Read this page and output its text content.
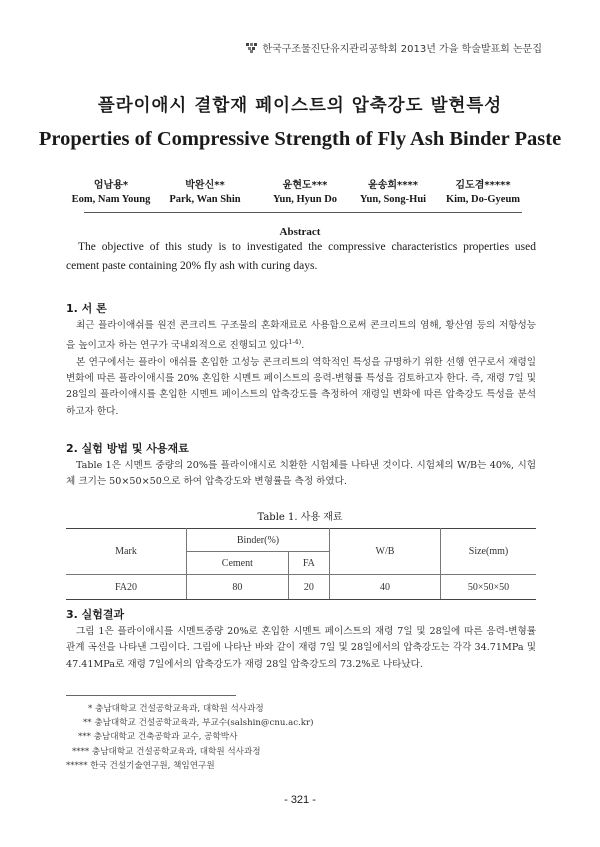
한국구조물진단유지관리공학회 2013년 가을 학술발표회 논문집
플라이애시 결합재 페이스트의 압축강도 발현특성
Properties of Compressive Strength of Fly Ash Binder Paste
엄남용*
Eom, Nam Young
박완신**
Park, Wan Shin
윤현도***
Yun, Hyun Do
윤송희****
Yun, Song-Hui
김도겸*****
Kim, Do-Gyeum
Abstract
The objective of this study is to investigated the compressive characteristics properties used cement paste containing 20% fly ash with curing days.
1. 서 론

최근 플라이애쉬를 원전 콘크리트 구조물의 혼화재료로 사용함으로써 콘크리트의 염해, 황산염 등의 저항성능을 높이고자 하는 연구가 국내외적으로 진행되고 있다$^{1-4)}$.

본 연구에서는 플라이 애쉬를 혼입한 고성능 콘크리트의 역학적인 특성을 규명하기 위한 선행 연구로서 재령일변화에 따른 플라이애시를 20% 혼입한 시멘트 페이스트의 응력-변형률 특성을 검토하고자 한다. 즉, 재령 7일 및 28일의 플라이애시를 혼입한 시멘트 페이스트의 압축강도를 측정하여 재령일 변화에 따른 압축강도 특성을 분석하고자 한다.

2. 실험 방법 및 사용재료

Table 1은 시멘트 중량의 20%를 플라이애시로 치환한 시험체를 나타낸 것이다. 시험체의 W/B는 40%, 시험체 크기는 50×50×50으로 하여 압축강도와 변형률을 측정 하였다.

Table 1. 사용 재료
Mark	Binder(%)		W/B	Size(mm)
	Cement	FA		
FA20	80	20	40	50×50×50
3. 실험결과

그림 1은 플라이애시를 시멘트중량 20%로 혼입한 시멘트 페이스트의 재령 7일 및 28일에 따른 응력-변형률 관계 곡선을 나타낸 그림이다. 그림에 나타난 바와 같이 재령 7일 및 28일에서의 압축강도는 각각 34.71MPa 및 47.41MPa로 재령 7일에서의 압축강도가 재령 28일 압축강도의 73.2%로 나타났다.

* 충남대학교 건설공학교육과, 대학원 석사과정
** 충남대학교 건설공학교육과, 부교수(salshin@cnu.ac.kr)
*** 충남대학교 건축공학과 교수, 공학박사
**** 충남대학교 건설공학교육과, 대학원 석사과정
***** 한국 건설기술연구원, 책임연구원
- 321 -
